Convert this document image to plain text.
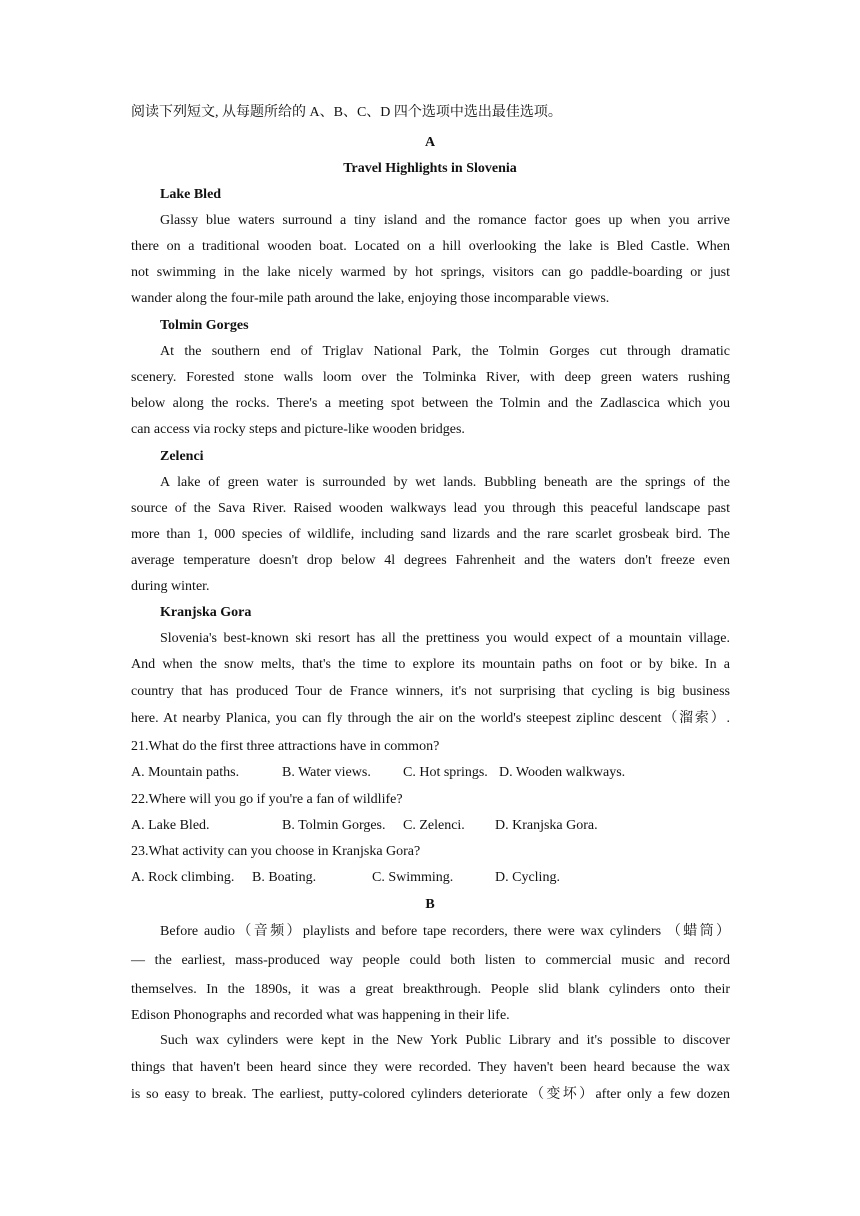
阅读下列短文, 从每题所给的 A、B、C、D 四个选项中选出最佳选项。
A
Travel Highlights in Slovenia
Lake Bled
Glassy blue waters surround a tiny island and the romance factor goes up when you arrive
there on a traditional wooden boat. Located on a hill overlooking the lake is Bled Castle. When
not swimming in the lake nicely warmed by hot springs, visitors can go paddle-boarding or just
wander along the four-mile path around the lake, enjoying those incomparable views.
Tolmin Gorges
At the southern end of Triglav National Park, the Tolmin Gorges cut through dramatic
scenery. Forested stone walls loom over the Tolminka River, with deep green waters rushing
below along the rocks. There's a meeting spot between the Tolmin and the Zadlascica which you
can access via rocky steps and picture-like wooden bridges.
Zelenci
A lake of green water is surrounded by wet lands. Bubbling beneath are the springs of the
source of the Sava River. Raised wooden walkways lead you through this peaceful landscape past
more than 1, 000 species of wildlife, including sand lizards and the rare scarlet grosbeak bird. The
average temperature doesn't drop below 4l degrees Fahrenheit and the waters don't freeze even
during winter.
Kranjska Gora
Slovenia's best-known ski resort has all the prettiness you would expect of a mountain village.
And when the snow melts, that's the time to explore its mountain paths on foot or by bike. In a
country that has produced Tour de France winners, it's not surprising that cycling is big business
here. At nearby Planica, you can fly through the air on the world's steepest ziplinc descent（溜索）.
21.What do the first three attractions have in common?
A. Mountain paths.	B. Water views. C. Hot springs. D. Wooden walkways.
22.Where will you go if you're a fan of wildlife?
A. Lake Bled.	B. Tolmin Gorges. C. Zelenci. D. Kranjska Gora.
23.What activity can you choose in Kranjska Gora?
A. Rock climbing. B. Boating.	C. Swimming.	D. Cycling.
B
Before audio（音频）playlists and before tape recorders, there were wax cylinders （蜡筒）
— the earliest, mass-produced way people could both listen to commercial music and record
themselves. In the 1890s, it was a great breakthrough. People slid blank cylinders onto their
Edison Phonographs and recorded what was happening in their life.
Such wax cylinders were kept in the New York Public Library and it's possible to discover
things that haven't been heard since they were recorded. They haven't been heard because the wax
is so easy to break. The earliest, putty-colored cylinders deteriorate（变坏）after only a few dozen
